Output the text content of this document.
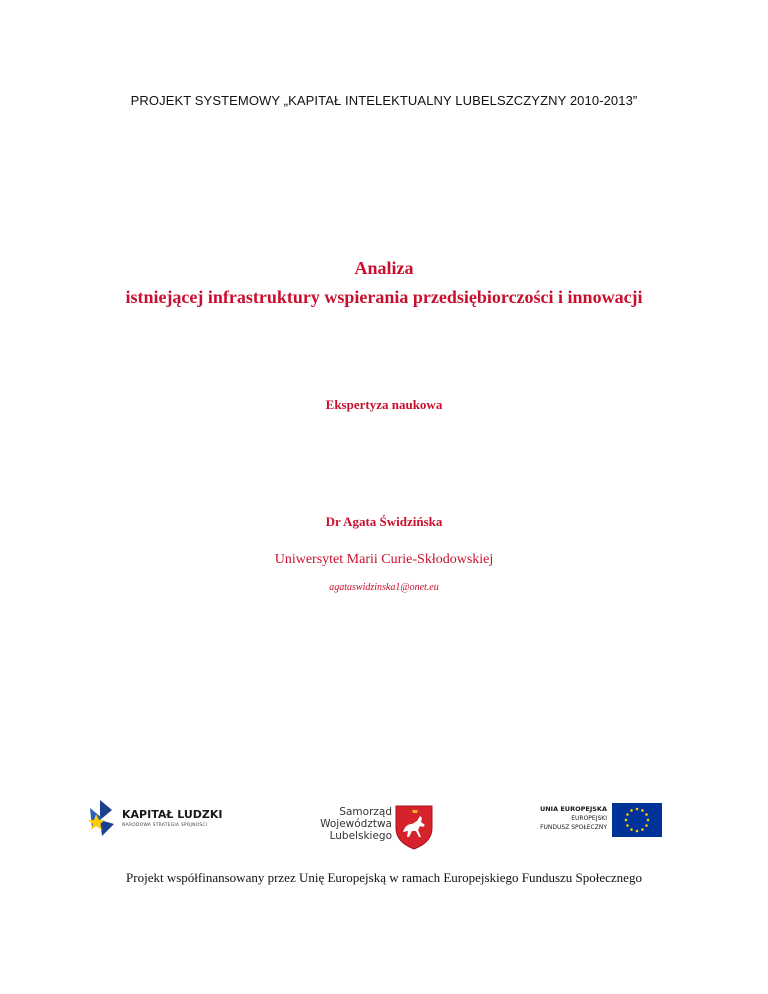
PROJEKT SYSTEMOWY „KAPITAŁ INTELEKTUALNY LUBELSZCZYZNY 2010-2013”
Analiza
istniejącej infrastruktury wspierania przedsiębiorczości i innowacji
Ekspertyza naukowa
Dr Agata Świdzińska
Uniwersytet Marii Curie-Skłodowskiej
agataswidzinska1@onet.eu
KAPITAŁ LUDZKI
NARODOWA STRATEGIA SPÓJNOŚCI
Samorząd
Województwa
Lubelskiego
UNIA EUROPEJSKA
EUROPEJSKI
FUNDUSZ SPOŁECZNY
Projekt współfinansowany przez Unię Europejską w ramach Europejskiego Funduszu Społecznego
